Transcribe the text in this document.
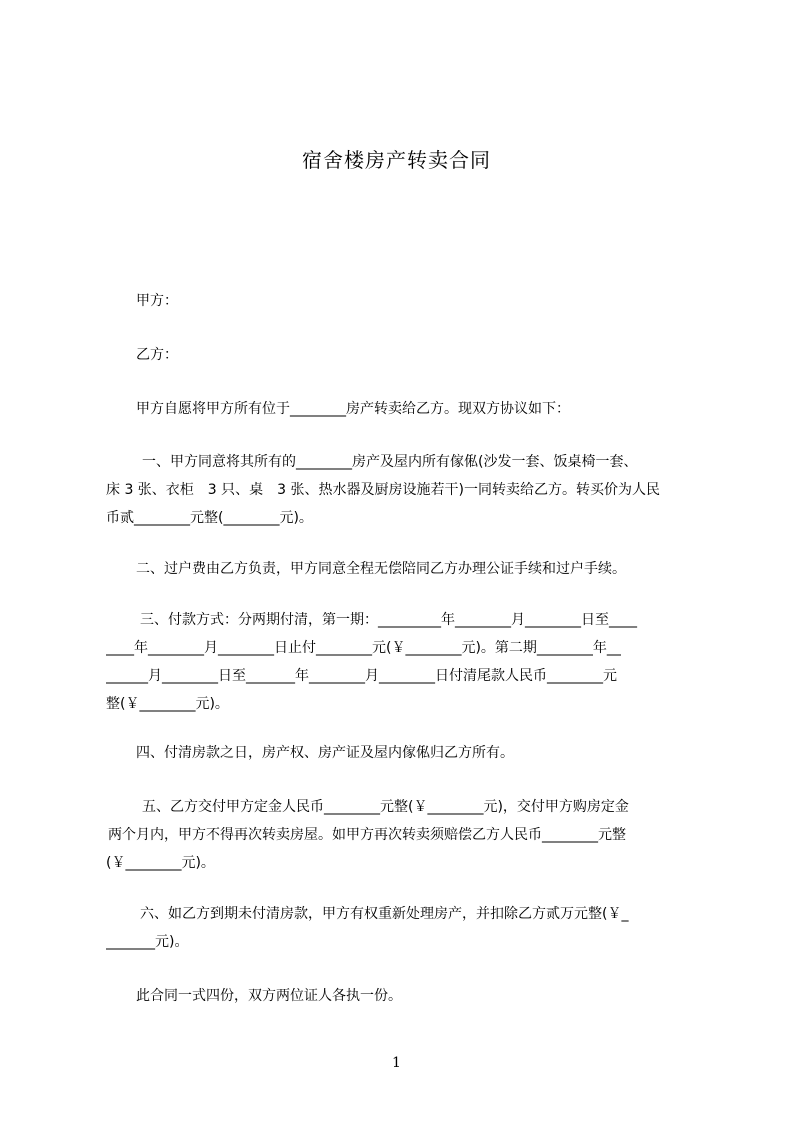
宿舍楼房产转卖合同
甲方：
乙方：
甲方自愿将甲方所有位于________房产转卖给乙方。现双方协议如下：
一、甲方同意将其所有的________房产及屋内所有傢俬(沙发一套、饭桌椅一套、
床 3 张、衣柜　3 只、桌　3 张、热水器及厨房设施若干)一同转卖给乙方。转买价为人民
币贰________元整(________元)。
二、过户费由乙方负责，甲方同意全程无偿陪同乙方办理公证手续和过户手续。
三、付款方式：分两期付清，第一期：_________年________月________日至____
____年________月________日止付________元(￥________元)。第二期________年__
______月________日至_______年________月________日付清尾款人民币________元
整(￥________元)。
四、付清房款之日，房产权、房产证及屋内傢俬归乙方所有。
五、乙方交付甲方定金人民币________元整(￥________元)，交付甲方购房定金
两个月内，甲方不得再次转卖房屋。如甲方再次转卖须赔偿乙方人民币________元整
(￥________元)。
六、如乙方到期未付清房款，甲方有权重新处理房产，并扣除乙方贰万元整(￥_
_______元)。
此合同一式四份，双方两位证人各执一份。
1
